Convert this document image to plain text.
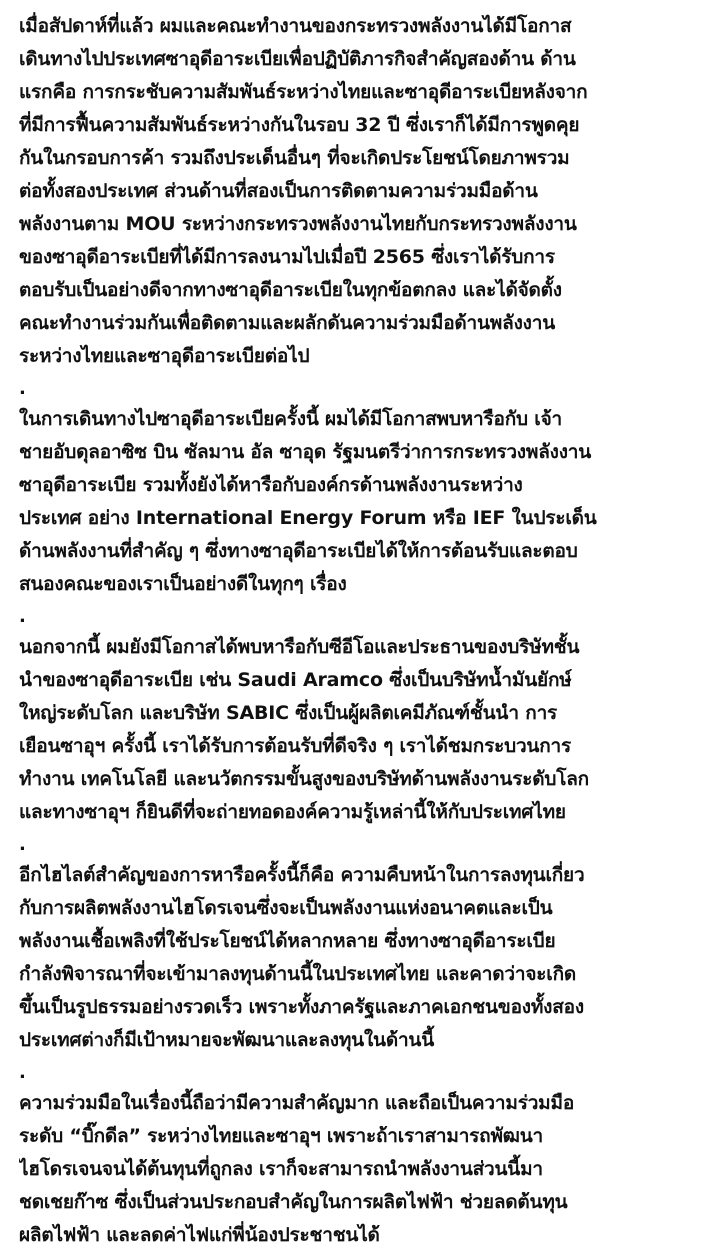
เมื่อสัปดาห์ที่แล้ว ผมและคณะทำงานของกระทรวงพลังงานได้มีโอกาส
เดินทางไปประเทศซาอุดีอาระเบียเพื่อปฏิบัติภารกิจสำคัญสองด้าน ด้าน
แรกคือ การกระชับความสัมพันธ์ระหว่างไทยและซาอุดีอาระเบียหลังจาก
ที่มีการฟื้นความสัมพันธ์ระหว่างกันในรอบ 32 ปี ซึ่งเราก็ได้มีการพูดคุย
กันในกรอบการค้า รวมถึงประเด็นอื่นๆ ที่จะเกิดประโยชน์โดยภาพรวม
ต่อทั้งสองประเทศ ส่วนด้านที่สองเป็นการติดตามความร่วมมือด้าน
พลังงานตาม MOU ระหว่างกระทรวงพลังงานไทยกับกระทรวงพลังงาน
ของซาอุดีอาระเบียที่ได้มีการลงนามไปเมื่อปี 2565 ซึ่งเราได้รับการ
ตอบรับเป็นอย่างดีจากทางซาอุดีอาระเบียในทุกข้อตกลง และได้จัดตั้ง
คณะทำงานร่วมกันเพื่อติดตามและผลักดันความร่วมมือด้านพลังงาน
ระหว่างไทยและซาอุดีอาระเบียต่อไป
.
ในการเดินทางไปซาอุดีอาระเบียครั้งนี้ ผมได้มีโอกาสพบหารือกับ เจ้า
ชายอับดุลอาซิซ บิน ซัลมาน อัล ซาอุด รัฐมนตรีว่าการกระทรวงพลังงาน
ซาอุดีอาระเบีย รวมทั้งยังได้หารือกับองค์กรด้านพลังงานระหว่าง
ประเทศ อย่าง International Energy Forum หรือ IEF ในประเด็น
ด้านพลังงานที่สำคัญ ๆ ซึ่งทางซาอุดีอาระเบียได้ให้การต้อนรับและตอบ
สนองคณะของเราเป็นอย่างดีในทุกๆ เรื่อง
.
นอกจากนี้ ผมยังมีโอกาสได้พบหารือกับซีอีโอและประธานของบริษัทชั้น
นำของซาอุดีอาระเบีย เช่น Saudi Aramco ซึ่งเป็นบริษัทน้ำมันยักษ์
ใหญ่ระดับโลก และบริษัท SABIC ซึ่งเป็นผู้ผลิตเคมีภัณฑ์ชั้นนำ การ
เยือนซาอุฯ ครั้งนี้ เราได้รับการต้อนรับที่ดีจริง ๆ เราได้ชมกระบวนการ
ทำงาน เทคโนโลยี และนวัตกรรมขั้นสูงของบริษัทด้านพลังงานระดับโลก
และทางซาอุฯ ก็ยินดีที่จะถ่ายทอดองค์ความรู้เหล่านี้ให้กับประเทศไทย
.
อีกไฮไลต์สำคัญของการหารือครั้งนี้ก็คือ ความคืบหน้าในการลงทุนเกี่ยว
กับการผลิตพลังงานไฮโดรเจนซึ่งจะเป็นพลังงานแห่งอนาคตและเป็น
พลังงานเชื้อเพลิงที่ใช้ประโยชน์ได้หลากหลาย ซึ่งทางซาอุดีอาระเบีย
กำลังพิจารณาที่จะเข้ามาลงทุนด้านนี้ในประเทศไทย และคาดว่าจะเกิด
ขึ้นเป็นรูปธรรมอย่างรวดเร็ว เพราะทั้งภาครัฐและภาคเอกชนของทั้งสอง
ประเทศต่างก็มีเป้าหมายจะพัฒนาและลงทุนในด้านนี้
.
ความร่วมมือในเรื่องนี้ถือว่ามีความสำคัญมาก และถือเป็นความร่วมมือ
ระดับ “บิ๊กดีล” ระหว่างไทยและซาอุฯ เพราะถ้าเราสามารถพัฒนา
ไฮโดรเจนจนได้ต้นทุนที่ถูกลง เราก็จะสามารถนำพลังงานส่วนนี้มา
ชดเชยก๊าซ ซึ่งเป็นส่วนประกอบสำคัญในการผลิตไฟฟ้า ช่วยลดต้นทุน
ผลิตไฟฟ้า และลดค่าไฟแก่พี่น้องประชาชนได้
